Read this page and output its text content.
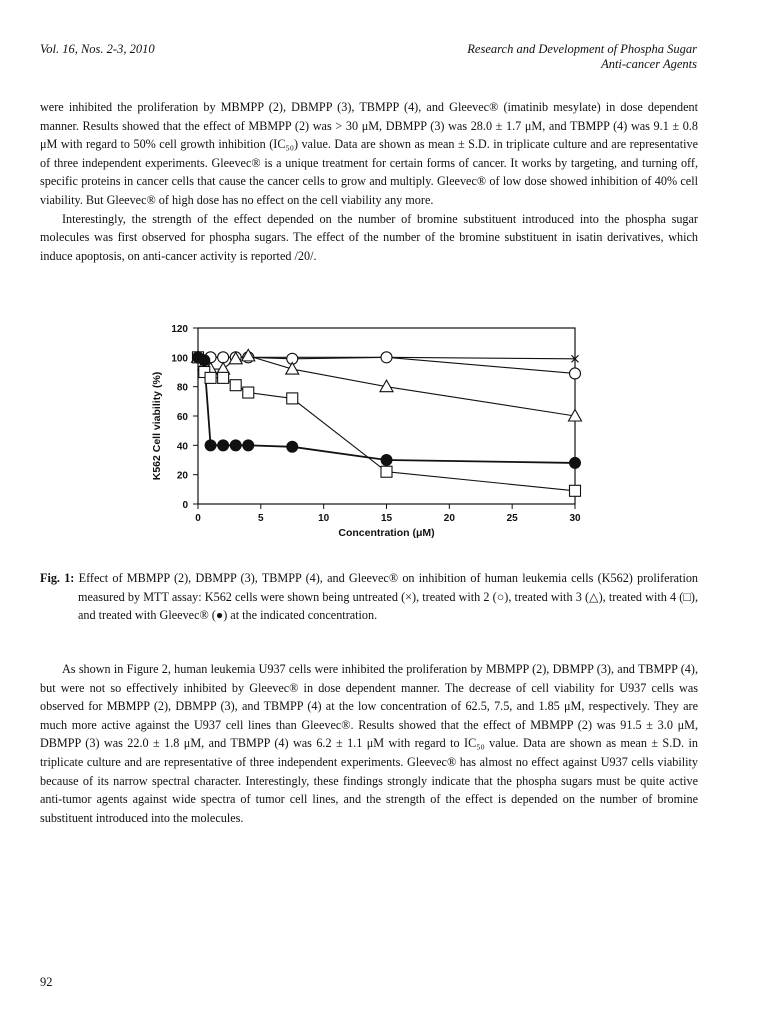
Vol. 16, Nos. 2-3, 2010	Research and Development of Phospha Sugar
Anti-cancer Agents

were inhibited the proliferation by MBMPP (2), DBMPP (3), TBMPP (4), and Gleevec® (imatinib mesylate) in dose dependent manner. Results showed that the effect of MBMPP (2) was > 30 μM, DBMPP (3) was 28.0 ± 1.7 μM, and TBMPP (4) was 9.1 ± 0.8 μM with regard to 50% cell growth inhibition (IC₅₀) value. Data are shown as mean ± S.D. in triplicate culture and are representative of three independent experiments. Gleevec® is a unique treatment for certain forms of cancer. It works by targeting, and turning off, specific proteins in cancer cells that cause the cancer cells to grow and multiply. Gleevec® of low dose showed inhibition of 40% cell viability. But Gleevec® of high dose has no effect on the cell viability any more.

Interestingly, the strength of the effect depended on the number of bromine substituent introduced into the phospha sugar molecules was first observed for phospha sugars. The effect of the number of the bromine substituent in isatin derivatives, which induce apoptosis, on anti-cancer activity is reported /20/.

0
20
40
60
80
100
120
0	5	10	15	20	25	30
Concentration (μM)
K562 Cell viability (%)
Fig. 1: Effect of MBMPP (2), DBMPP (3), TBMPP (4), and Gleevec® on inhibition of human leukemia cells (K562) proliferation measured by MTT assay: K562 cells were shown being untreated (×), treated with 2 (○), treated with 3 (△), treated with 4 (□), and treated with Gleevec® (●) at the indicated concentration.
As shown in Figure 2, human leukemia U937 cells were inhibited the proliferation by MBMPP (2), DBMPP (3), and TBMPP (4), but were not so effectively inhibited by Gleevec® in dose dependent manner. The decrease of cell viability for U937 cells was observed for MBMPP (2), DBMPP (3), and TBMPP (4) at the low concentration of 62.5, 7.5, and 1.85 μM, respectively. They are much more active against the U937 cell lines than Gleevec®. Results showed that the effect of MBMPP (2) was 91.5 ± 3.0 μM, DBMPP (3) was 22.0 ± 1.8 μM, and TBMPP (4) was 6.2 ± 1.1 μM with regard to IC₅₀ value. Data are shown as mean ± S.D. in triplicate culture and are representative of three independent experiments. Gleevec® has almost no effect against U937 cells viability because of its narrow spectral character. Interestingly, these findings strongly indicate that the phospha sugars must be quite active anti-tumor agents against wide spectra of tumor cell lines, and the strength of the effect is depended on the number of bromine substituent introduced into the molecules.
92
